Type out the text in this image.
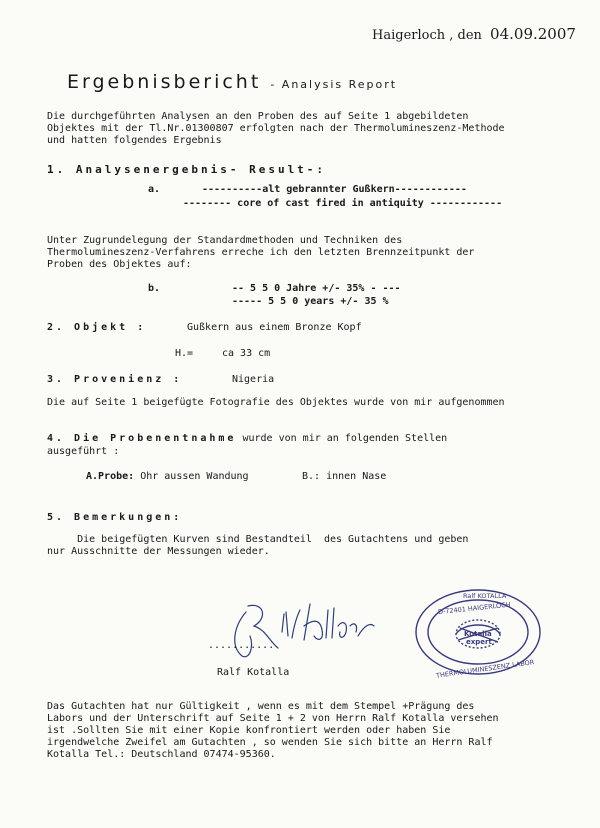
Haigerloch , den 04.09.2007
Ergebnisbericht - Analysis Report
Die durchgeführten Analysen an den Proben des auf Seite 1 abgebildeten
Objektes mit der Tl.Nr.01300807 erfolgten nach der Thermolumineszenz-Methode
und hatten folgendes Ergebnis
1. Analysenergebnis- Result-:
a.	----------alt gebrannter Gußkern------------
-------- core of cast fired in antiquity ------------
Unter Zugrundelegung der Standardmethoden und Techniken des
Thermolumineszenz-Verfahrens erreche ich den letzten Brennzeitpunkt der
Proben des Objektes auf:
b.	-- 5 5 0 Jahre +/- 35% - ---
----- 5 5 0 years +/- 35 %
2. Objekt :	Gußkern aus einem Bronze Kopf
H.=	ca 33 cm
3. Provenienz :	Nigeria
Die auf Seite 1 beigefügte Fotografie des Objektes wurde von mir aufgenommen
4. Die Probenentnahme wurde von mir an folgenden Stellen
ausgeführt :
A.Probe: Ohr aussen Wandung	B.: innen Nase
5. Bemerkungen:
Die beigefügten Kurven sind Bestandteil  des Gutachtens und geben
nur Ausschnitte der Messungen wieder.
...........
Ralf Kotalla
Ralf KOTALLA
D-72401 HAIGERLOCH
THERMOLUMINESZENZ LABOR
Kotalla
expert
Das Gutachten hat nur Gültigkeit , wenn es mit dem Stempel +Prägung des
Labors und der Unterschrift auf Seite 1 + 2 von Herrn Ralf Kotalla versehen
ist .Sollten Sie mit einer Kopie konfrontiert werden oder haben Sie
irgendwelche Zweifel am Gutachten , so wenden Sie sich bitte an Herrn Ralf
Kotalla Tel.: Deutschland 07474-95360.
